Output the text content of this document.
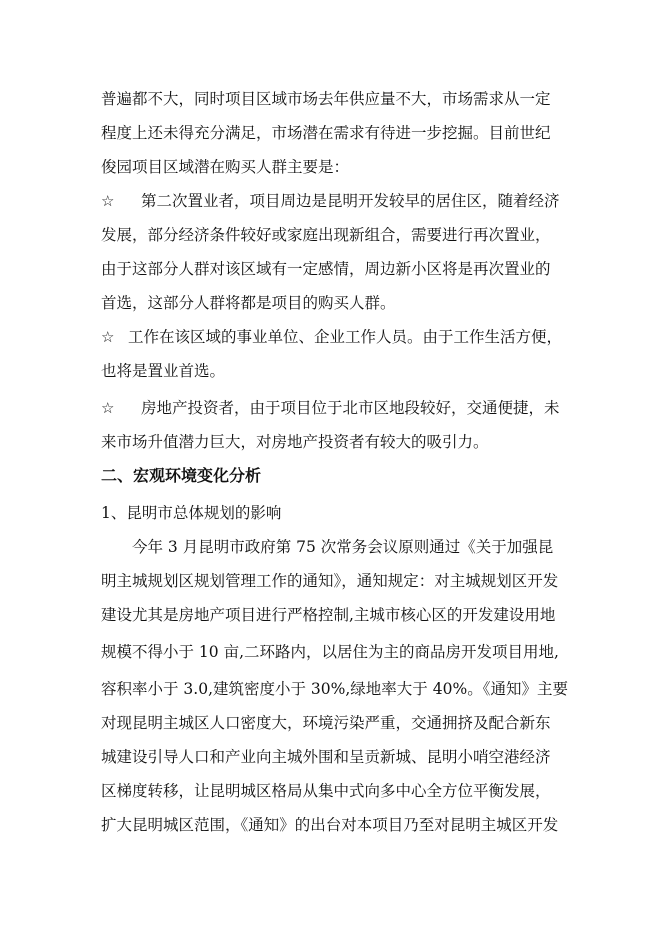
普遍都不大，同时项目区域市场去年供应量不大，市场需求从一定
程度上还未得充分满足，市场潜在需求有待进一步挖掘。目前世纪
俊园项目区域潜在购买人群主要是：
☆ 第二次置业者，项目周边是昆明开发较早的居住区，随着经济
发展，部分经济条件较好或家庭出现新组合，需要进行再次置业，
由于这部分人群对该区域有一定感情，周边新小区将是再次置业的
首选，这部分人群将都是项目的购买人群。
☆ 工作在该区域的事业单位、企业工作人员。由于工作生活方便，
也将是置业首选。
☆ 房地产投资者，由于项目位于北市区地段较好，交通便捷，未
来市场升值潜力巨大，对房地产投资者有较大的吸引力。
二、宏观环境变化分析
1、昆明市总体规划的影响
今年 3 月昆明市政府第 75 次常务会议原则通过《关于加强昆
明主城规划区规划管理工作的通知》，通知规定：对主城规划区开发
建设尤其是房地产项目进行严格控制,主城市核心区的开发建设用地
规模不得小于 10 亩,二环路内，以居住为主的商品房开发项目用地,
容积率小于 3.0,建筑密度小于 30%,绿地率大于 40%。《通知》主要
对现昆明主城区人口密度大，环境污染严重，交通拥挤及配合新东
城建设引导人口和产业向主城外围和呈贡新城、昆明小哨空港经济
区梯度转移，让昆明城区格局从集中式向多中心全方位平衡发展，
扩大昆明城区范围，《通知》的出台对本项目乃至对昆明主城区开发
